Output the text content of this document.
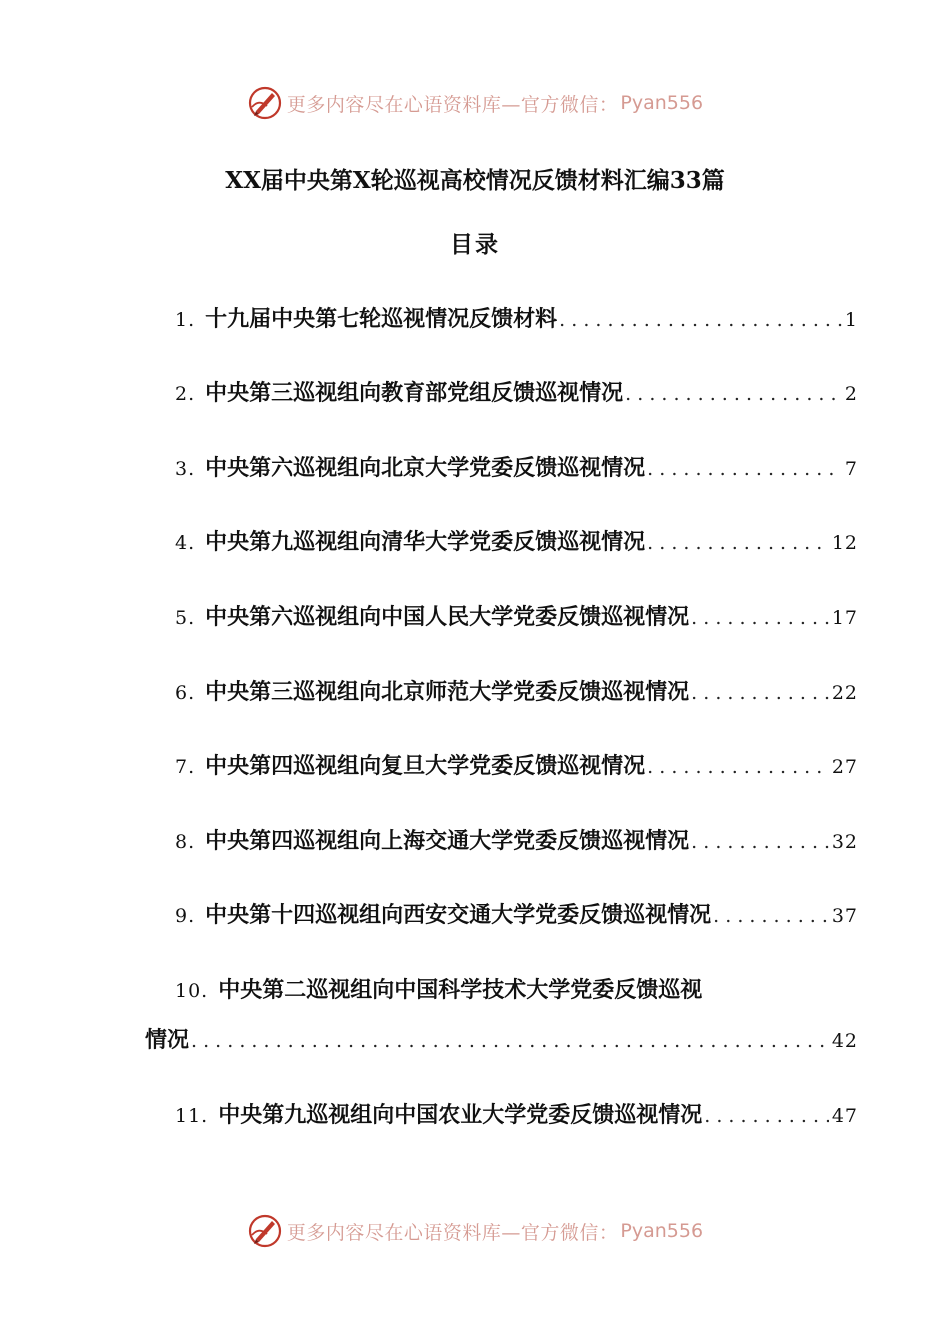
更多内容尽在心语资料库—官方微信： Pyan556
XX届中央第X轮巡视高校情况反馈材料汇编33篇
目录
1. 十九届中央第七轮巡视情况反馈材料 . . .	1
2. 中央第三巡视组向教育部党组反馈巡视情况 . . .	2
3. 中央第六巡视组向北京大学党委反馈巡视情况 . . .	7
4. 中央第九巡视组向清华大学党委反馈巡视情况 . . .	12
5. 中央第六巡视组向中国人民大学党委反馈巡视情况 . . .	17
6. 中央第三巡视组向北京师范大学党委反馈巡视情况 . . .	22
7. 中央第四巡视组向复旦大学党委反馈巡视情况 . . .	27
8. 中央第四巡视组向上海交通大学党委反馈巡视情况 . . .	32
9. 中央第十四巡视组向西安交通大学党委反馈巡视情况 . . .	37
10. 中央第二巡视组向中国科学技术大学党委反馈巡视
情况 . . .	42
11. 中央第九巡视组向中国农业大学党委反馈巡视情况 . . .	47
更多内容尽在心语资料库—官方微信： Pyan556
